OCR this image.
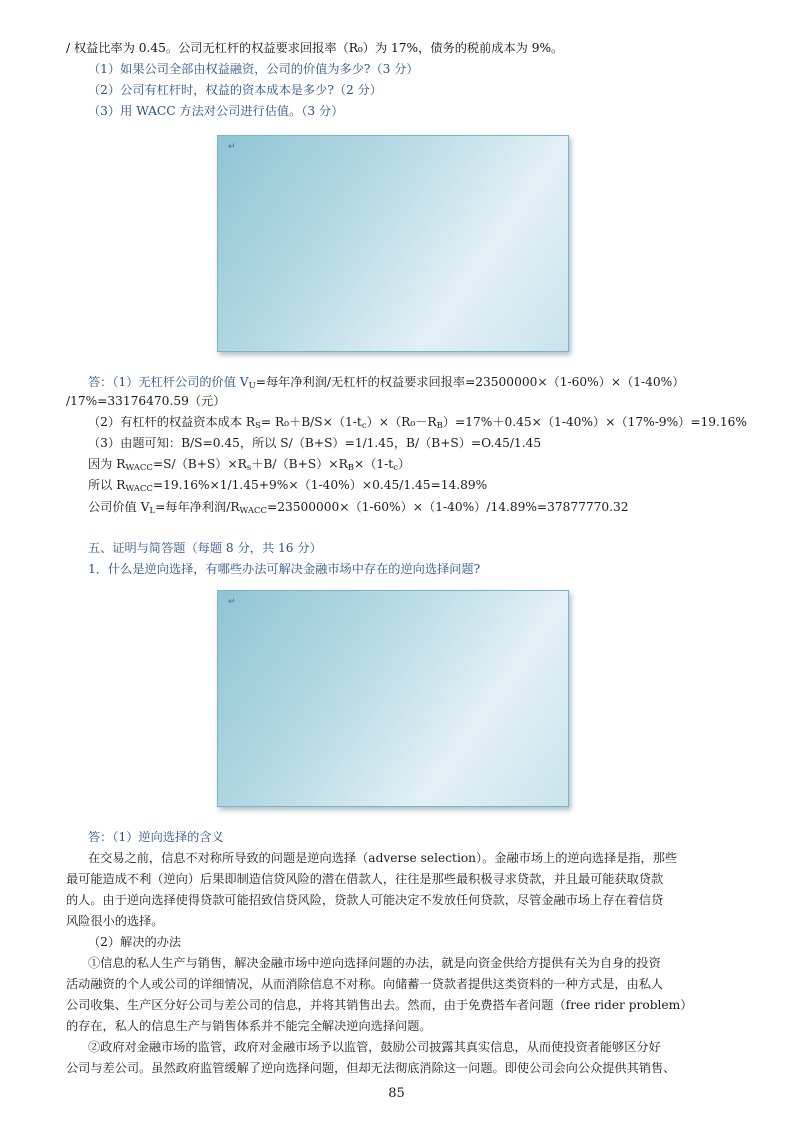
/ 权益比率为 0.45。公司无杠杆的权益要求回报率（R₀）为 17%，债务的税前成本为 9%。
（1）如果公司全部由权益融资，公司的价值为多少?（3 分）
（2）公司有杠杆时，权益的资本成本是多少?（2 分）
（3）用 WACC 方法对公司进行估值。（3 分）
↵
答：（1）无杠杆公司的价值 $V_U=$每年净利润/无杠杆的权益要求回报率=23500000×（1-60%）×（1-40%）
/17%=33176470.59（元）
（2）有杠杆的权益资本成本 $R_S= R_0+B/S\times(1-t_c)\times(R_0-R_B)=17\%+0.45\times(1-40\%)\times(17\%-9\%)=19.16\%$
（3）由题可知：B/S=0.45，所以 S/（B+S）=1/1.45，B/（B+S）=O.45/1.45
因为 $R_{WACC}=S/(B+S)\times R_s+B/(B+S)\times R_B\times(1-t_c)$
所以 $R_{WACC}=19.16\%\times 1/1.45+9\%\times(1-40\%)\times 0.45/1.45=14.89\%$
公司价值 $V_L=$每年净利润$/R_{WACC}=23500000\times(1-60\%)\times(1-40\%)/14.89\%=37877770.32$
五、证明与简答题（每题 8 分，共 16 分）
1．什么是逆向选择，有哪些办法可解决金融市场中存在的逆向选择问题?
↵
答：（1）逆向选择的含义
在交易之前，信息不对称所导致的问题是逆向选择（adverse selection）。金融市场上的逆向选择是指，那些
最可能造成不利（逆向）后果即制造信贷风险的潜在借款人，往往是那些最积极寻求贷款，并且最可能获取贷款
的人。由于逆向选择使得贷款可能招致信贷风险，贷款人可能决定不发放任何贷款，尽管金融市场上存在着信贷
风险很小的选择。
（2）解决的办法
①信息的私人生产与销售，解决金融市场中逆向选择问题的办法，就是向资金供给方提供有关为自身的投资
活动融资的个人或公司的详细情况，从而消除信息不对称。向储蓄一贷款者提供这类资料的一种方式是，由私人
公司收集、生产区分好公司与差公司的信息，并将其销售出去。然而，由于免费搭车者问题（free rider problem）
的存在，私人的信息生产与销售体系并不能完全解决逆向选择问题。
②政府对金融市场的监管，政府对金融市场予以监管，鼓励公司披露其真实信息，从而使投资者能够区分好
公司与差公司。虽然政府监管缓解了逆向选择问题，但却无法彻底消除这一问题。即使公司会向公众提供其销售、
85
